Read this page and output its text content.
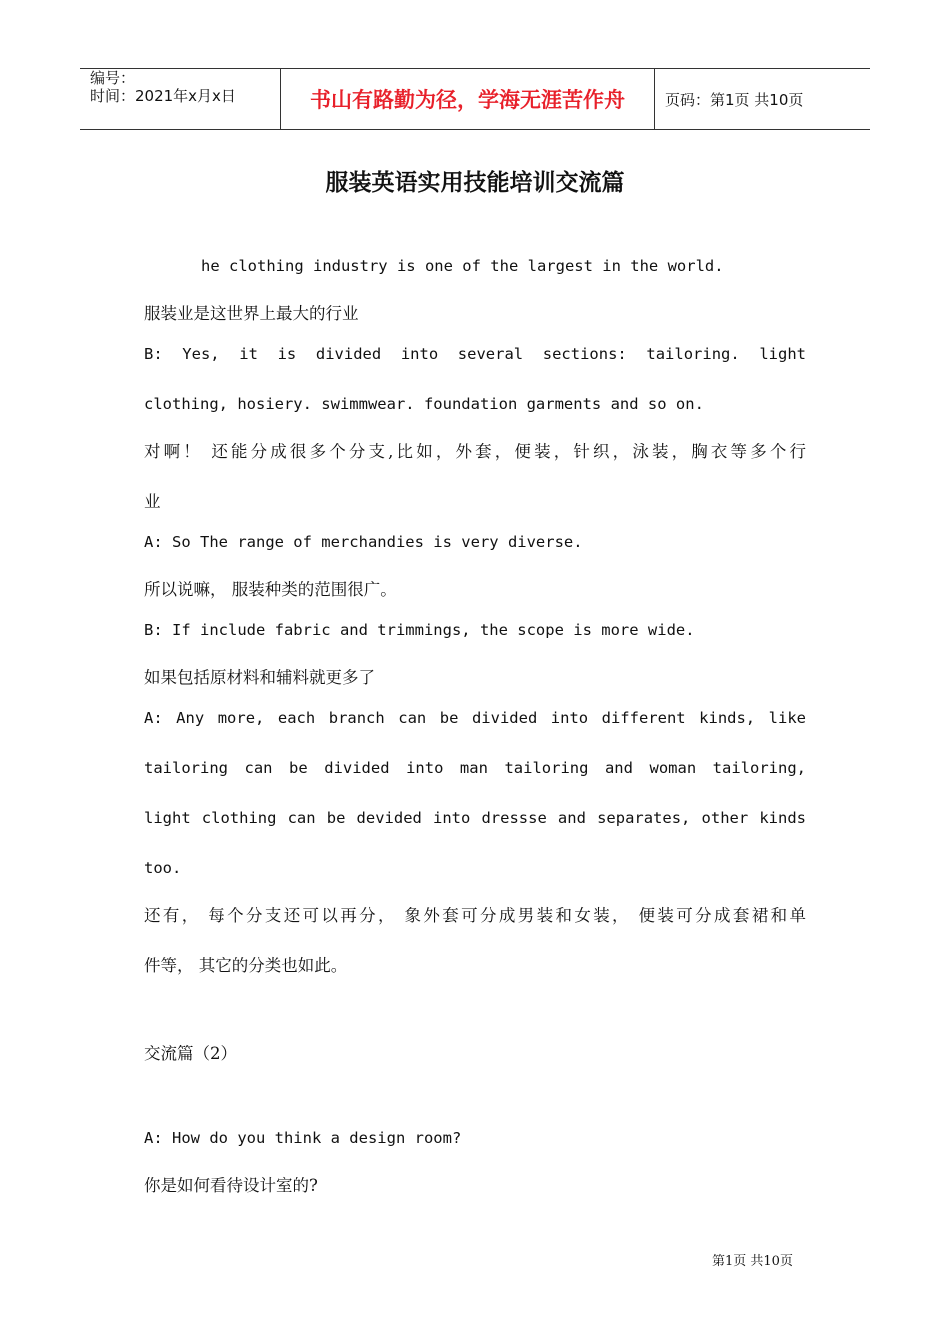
编号：
时间：2021年x月x日	书山有路勤为径，学海无涯苦作舟	页码：第1页 共10页
服装英语实用技能培训交流篇
he clothing industry is one of the largest in the world.
服装业是这世界上最大的行业
B: Yes, it is divided into several sections: tailoring. light
clothing, hosiery. swimmwear. foundation garments and so on.
对啊！ 还能分成很多个分支,比如，外套，便装，针织，泳装，胸衣等多个行
业
A: So The range of merchandies is very diverse.
所以说嘛， 服装种类的范围很广。
B: If include fabric and trimmings, the scope is more wide.
如果包括原材料和辅料就更多了
A: Any more, each branch can be divided into different kinds, like
tailoring can be divided into man tailoring and woman tailoring,
light clothing can be devided into dressse and separates, other kinds
too.
还有， 每个分支还可以再分， 象外套可分成男装和女装， 便装可分成套裙和单
件等， 其它的分类也如此。
交流篇（2）
A: How do you think a design room?
你是如何看待设计室的?
第1页 共10页
